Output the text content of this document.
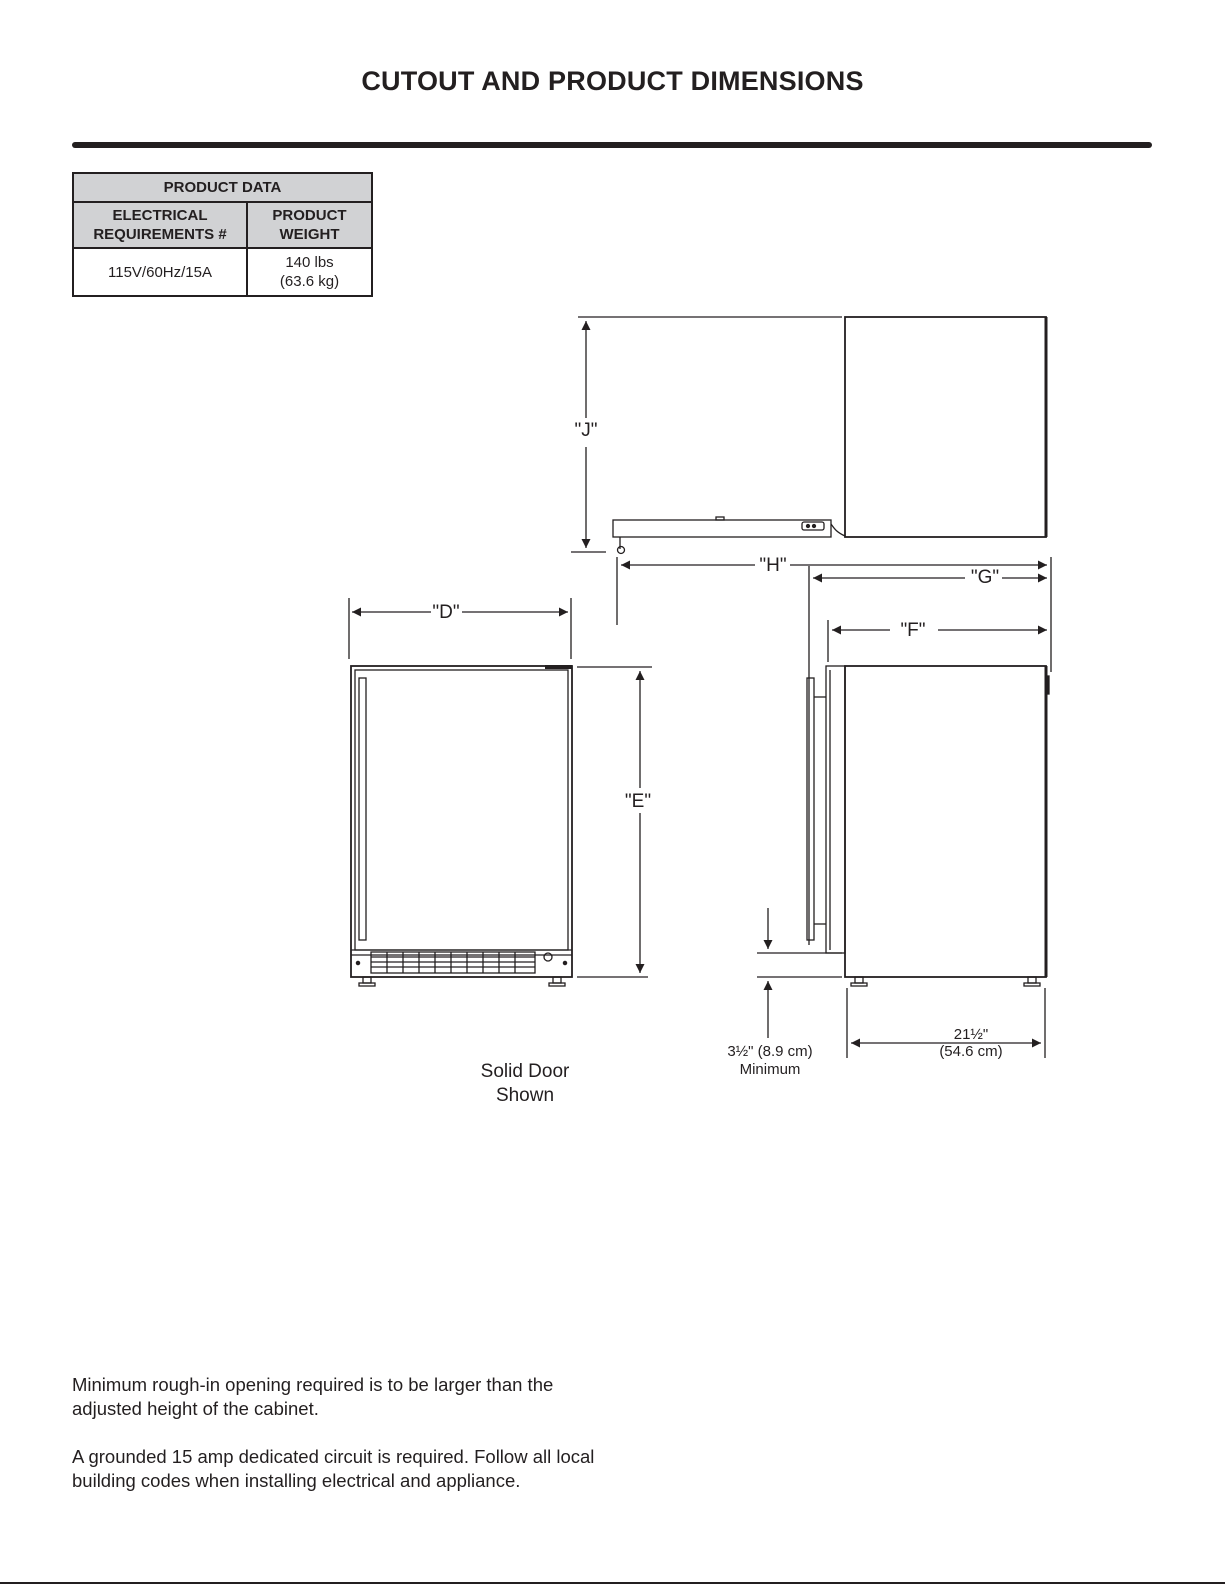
CUTOUT AND PRODUCT DIMENSIONS
PRODUCT DATA	
ELECTRICAL REQUIREMENTS #	PRODUCT WEIGHT
115V/60Hz/15A	140 lbs
(63.6 kg)
"J"
"H"
"G"
"D"
"F"
"E"
3½" (8.9 cm)
Minimum
21½"
(54.6 cm)
Solid Door
Shown
Minimum rough-in opening required is to be larger than the adjusted height of the cabinet.
A grounded 15 amp dedicated circuit is required. Follow all local building codes when installing electrical and appliance.
